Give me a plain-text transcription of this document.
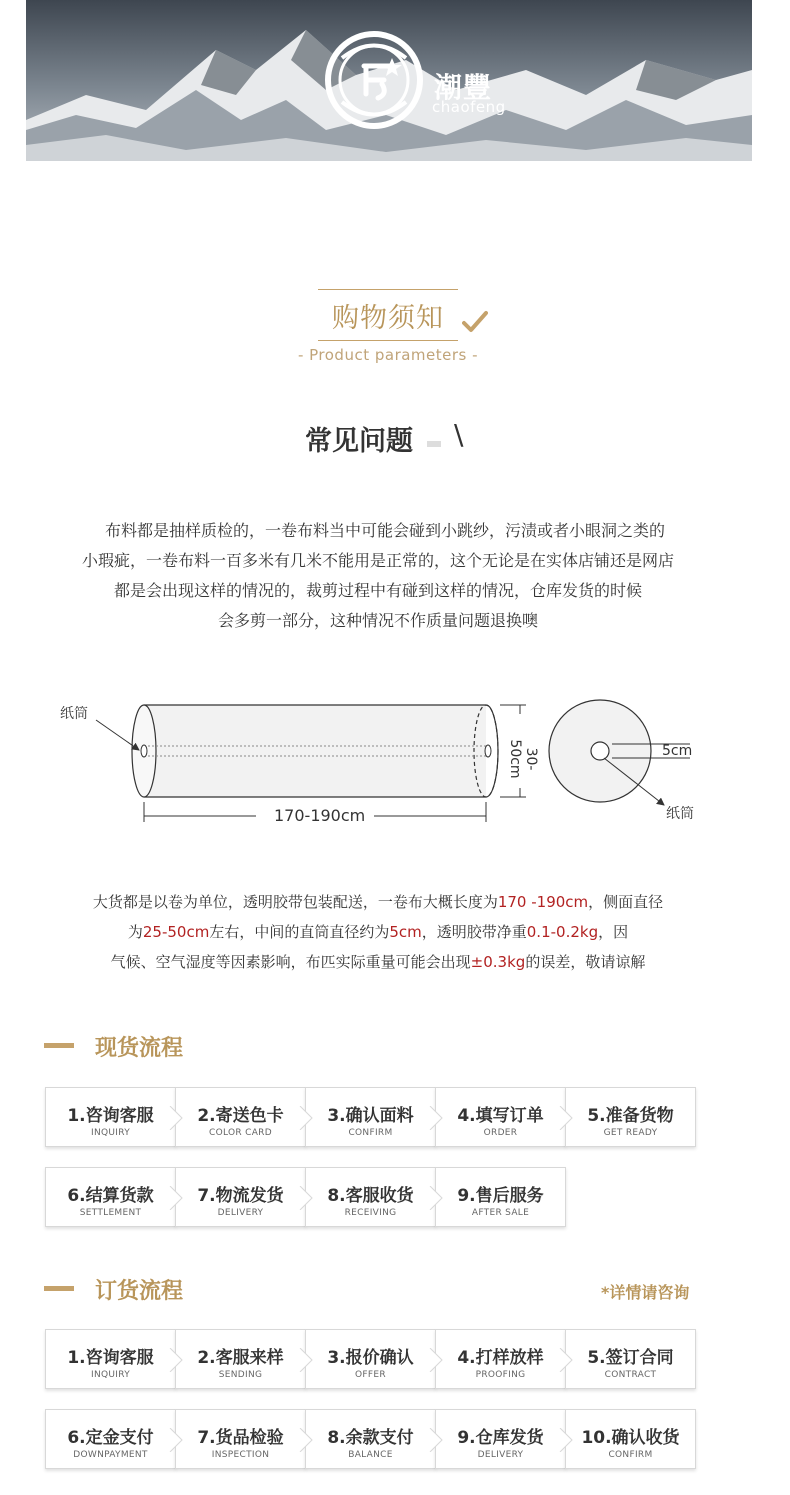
潮豐
chaofeng
购物须知
- Product parameters -
常见问题 \
布料都是抽样质检的，一卷布料当中可能会碰到小跳纱，污渍或者小眼洞之类的
小瑕疵，一卷布料一百多米有几米不能用是正常的，这个无论是在实体店铺还是网店
都是会出现这样的情况的，裁剪过程中有碰到这样的情况，仓库发货的时候
会多剪一部分，这种情况不作质量问题退换噢
纸筒
170-190cm
30-50cm	5cm
纸筒
大货都是以卷为单位，透明胶带包装配送，一卷布大概长度为170 -190cm，侧面直径
为25-50cm左右，中间的直筒直径约为5cm，透明胶带净重0.1-0.2kg，因
气候、空气湿度等因素影响，布匹实际重量可能会出现±0.3kg的误差，敬请谅解
现货流程
1.咨询客服
INQUIRY
2.寄送色卡
COLOR CARD
3.确认面料
CONFIRM
4.填写订单
ORDER
5.准备货物
GET READY
6.结算货款
SETTLEMENT
7.物流发货
DELIVERY
8.客服收货
RECEIVING
9.售后服务
AFTER SALE
订货流程	*详情请咨询
1.咨询客服
INQUIRY
2.客服来样
SENDING
3.报价确认
OFFER
4.打样放样
PROOFING
5.签订合同
CONTRACT
6.定金支付
DOWNPAYMENT
7.货品检验
INSPECTION
8.余款支付
BALANCE
9.仓库发货
DELIVERY
10.确认收货
CONFIRM
